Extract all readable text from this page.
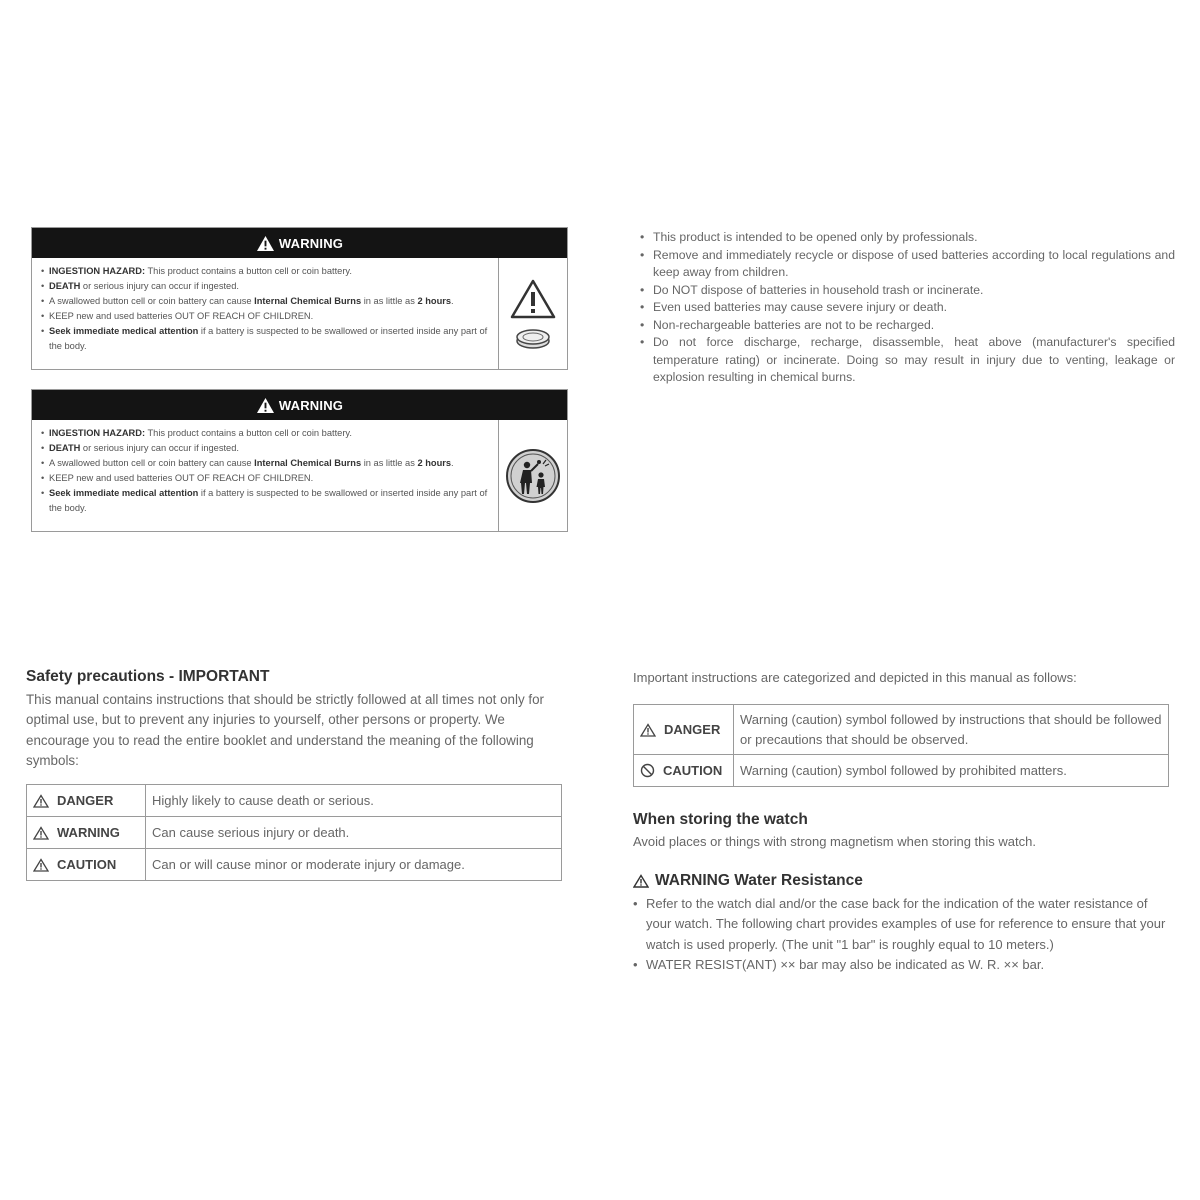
WARNING
• INGESTION HAZARD: This product contains a button cell or coin battery.
• DEATH or serious injury can occur if ingested.
• A swallowed button cell or coin battery can cause Internal Chemical Burns in as little as 2 hours.
• KEEP new and used batteries OUT OF REACH OF CHILDREN.
• Seek immediate medical attention if a battery is suspected to be swallowed or inserted inside any part of the body.
WARNING
• INGESTION HAZARD: This product contains a button cell or coin battery.
• DEATH or serious injury can occur if ingested.
• A swallowed button cell or coin battery can cause Internal Chemical Burns in as little as 2 hours.
• KEEP new and used batteries OUT OF REACH OF CHILDREN.
• Seek immediate medical attention if a battery is suspected to be swallowed or inserted inside any part of the body.
• This product is intended to be opened only by professionals.
• Remove and immediately recycle or dispose of used batteries according to local regulations and keep away from children.
• Do NOT dispose of batteries in household trash or incinerate.
• Even used batteries may cause severe injury or death.
• Non-rechargeable batteries are not to be recharged.
• Do not force discharge, recharge, disassemble, heat above (manufacturer's specified temperature rating) or incinerate. Doing so may result in injury due to venting, leakage or explosion resulting in chemical burns.
Safety precautions - IMPORTANT

This manual contains instructions that should be strictly followed at all times not only for optimal use, but to prevent any injuries to yourself, other persons or property. We encourage you to read the entire booklet and understand the meaning of the following symbols:

DANGER	Highly likely to cause death or serious.

WARNING	Can cause serious injury or death.

CAUTION	Can or will cause minor or moderate injury or damage.
Important instructions are categorized and depicted in this manual as follows:
DANGER	Warning (caution) symbol followed by instructions that should be followed or precautions that should be observed.

CAUTION	Warning (caution) symbol followed by prohibited matters.
When storing the watch
Avoid places or things with strong magnetism when storing this watch.
WARNING Water Resistance
• Refer to the watch dial and/or the case back for the indication of the water resistance of your watch. The following chart provides examples of use for reference to ensure that your watch is used properly. (The unit "1 bar" is roughly equal to 10 meters.)
• WATER RESIST(ANT) ×× bar may also be indicated as W. R. ×× bar.
